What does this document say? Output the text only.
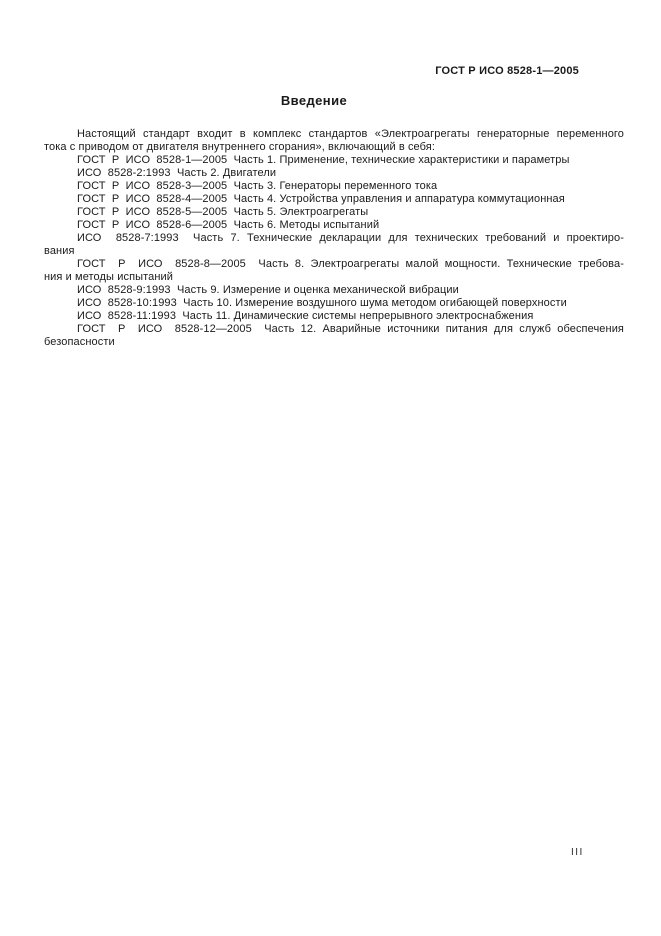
ГОСТ Р ИСО 8528-1—2005
Введение
Настоящий стандарт входит в комплекс стандартов «Электроагрегаты генераторные переменного
тока с приводом от двигателя внутреннего сгорания», включающий в себя:
ГОСТ  Р  ИСО  8528-1—2005  Часть 1. Применение, технические характеристики и параметры
ИСО  8528-2:1993  Часть 2. Двигатели
ГОСТ  Р  ИСО  8528-3—2005  Часть 3. Генераторы переменного тока
ГОСТ  Р  ИСО  8528-4—2005  Часть 4. Устройства управления и аппаратура коммутационная
ГОСТ  Р  ИСО  8528-5—2005  Часть 5. Электроагрегаты
ГОСТ  Р  ИСО  8528-6—2005  Часть 6. Методы испытаний
ИСО  8528-7:1993  Часть 7. Технические декларации для технических требований и проектиро-
вания
ГОСТ  Р  ИСО  8528-8—2005  Часть 8. Электроагрегаты малой мощности. Технические требова-
ния и методы испытаний
ИСО  8528-9:1993  Часть 9. Измерение и оценка механической вибрации
ИСО  8528-10:1993  Часть 10. Измерение воздушного шума методом огибающей поверхности
ИСО  8528-11:1993  Часть 11. Динамические системы непрерывного электроснабжения
ГОСТ  Р  ИСО  8528-12—2005  Часть 12. Аварийные источники питания для служб обеспечения
безопасности
III
